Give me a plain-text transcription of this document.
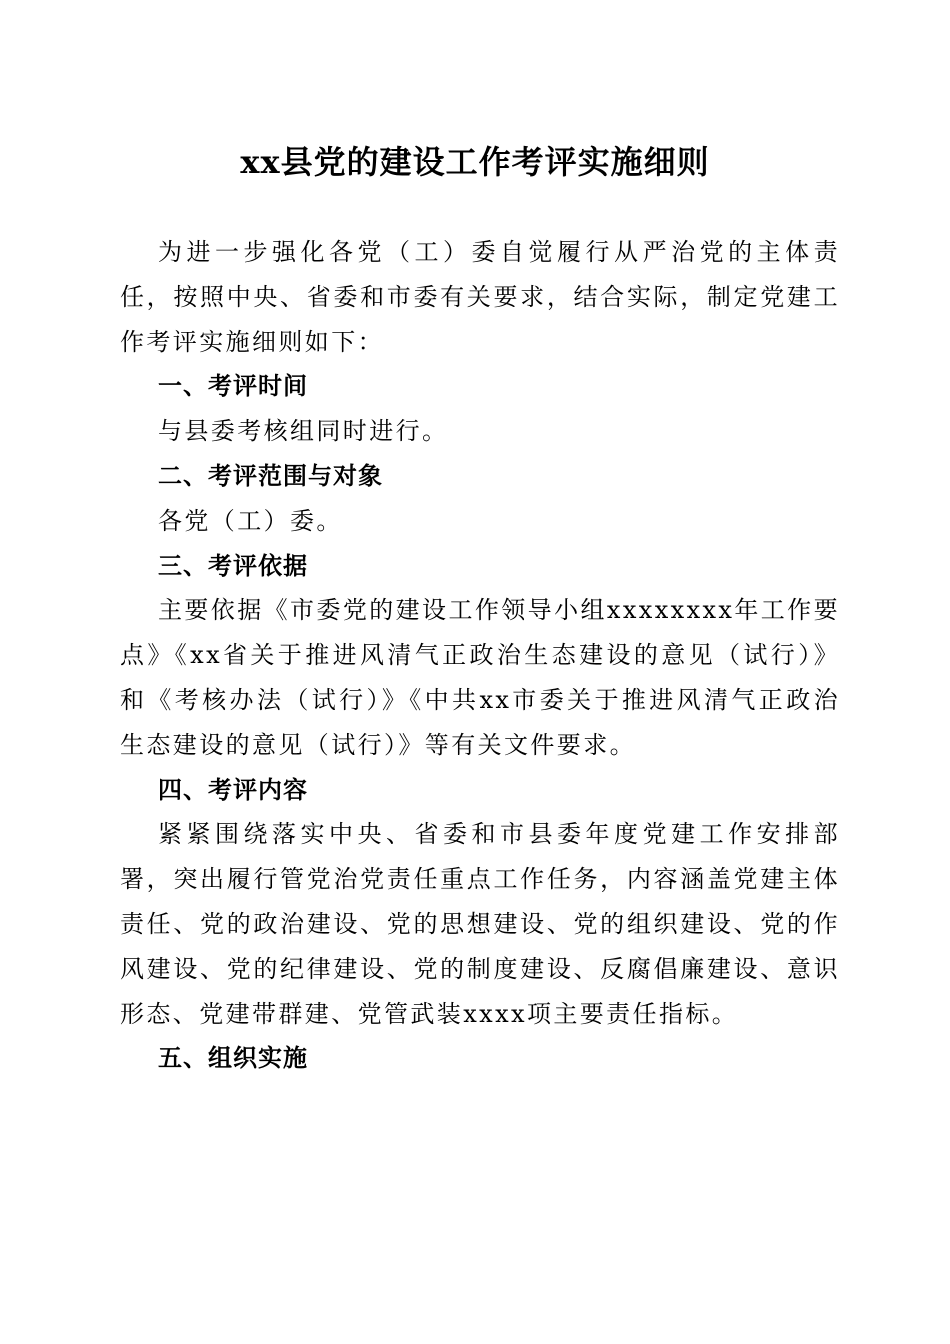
xx县党的建设工作考评实施细则

为进一步强化各党（工）委自觉履行从严治党的主体责任，按照中央、省委和市委有关要求，结合实际，制定党建工作考评实施细则如下：

一、考评时间

与县委考核组同时进行。

二、考评范围与对象

各党（工）委。

三、考评依据

主要依据《市委党的建设工作领导小组xxxxxxxx年工作要点》《xx省关于推进风清气正政治生态建设的意见（试行）》和《考核办法（试行）》《中共xx市委关于推进风清气正政治生态建设的意见（试行）》等有关文件要求。

四、考评内容

紧紧围绕落实中央、省委和市县委年度党建工作安排部署，突出履行管党治党责任重点工作任务，内容涵盖党建主体责任、党的政治建设、党的思想建设、党的组织建设、党的作风建设、党的纪律建设、党的制度建设、反腐倡廉建设、意识形态、党建带群建、党管武装xxxx项主要责任指标。

五、组织实施
